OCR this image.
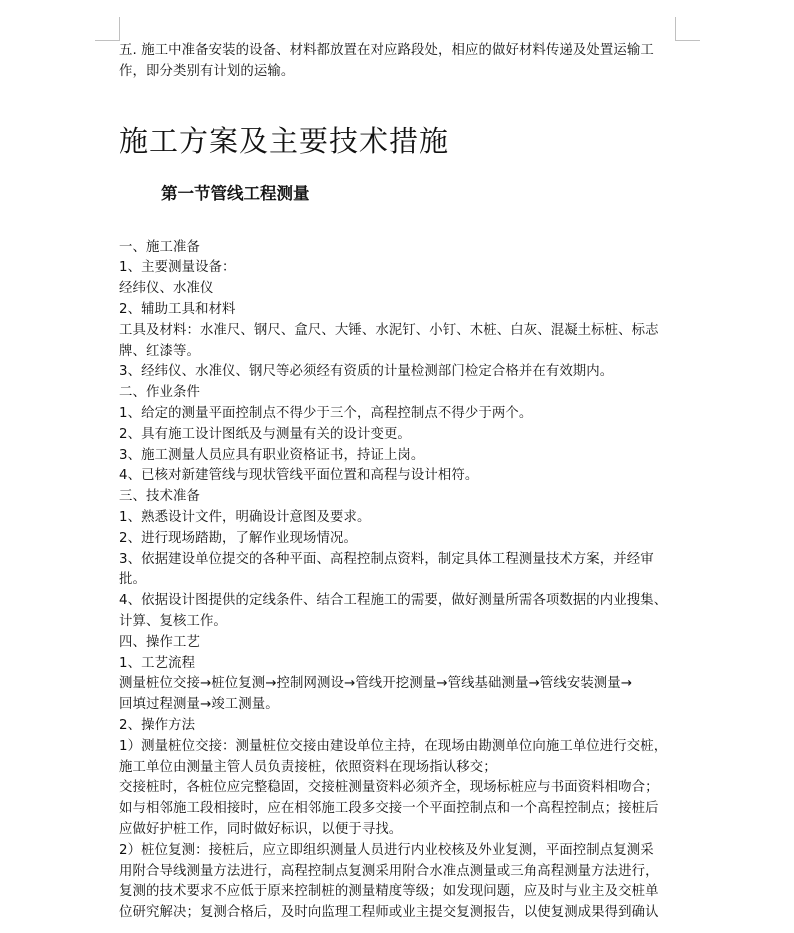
五. 施工中准备安装的设备、材料都放置在对应路段处，相应的做好材料传递及处置运输工
作，即分类别有计划的运输。
施工方案及主要技术措施
第一节管线工程测量
一、施工准备
1、主要测量设备：
经纬仪、水准仪
2、辅助工具和材料
工具及材料：水准尺、钢尺、盒尺、大锤、水泥钉、小钉、木桩、白灰、混凝土标桩、标志
牌、红漆等。
3、经纬仪、水准仪、钢尺等必须经有资质的计量检测部门检定合格并在有效期内。
二、作业条件
1、给定的测量平面控制点不得少于三个，高程控制点不得少于两个。
2、具有施工设计图纸及与测量有关的设计变更。
3、施工测量人员应具有职业资格证书，持证上岗。
4、已核对新建管线与现状管线平面位置和高程与设计相符。
三、技术准备
1、熟悉设计文件，明确设计意图及要求。
2、进行现场踏勘，了解作业现场情况。
3、依据建设单位提交的各种平面、高程控制点资料，制定具体工程测量技术方案，并经审
批。
4、依据设计图提供的定线条件、结合工程施工的需要，做好测量所需各项数据的内业搜集、
计算、复核工作。
四、操作工艺
1、工艺流程
测量桩位交接→桩位复测→控制网测设→管线开挖测量→管线基础测量→管线安装测量→
回填过程测量→竣工测量。
2、操作方法
1）测量桩位交接：测量桩位交接由建设单位主持，在现场由勘测单位向施工单位进行交桩，
施工单位由测量主管人员负责接桩，依照资料在现场指认移交；
交接桩时，各桩位应完整稳固，交接桩测量资料必须齐全，现场标桩应与书面资料相吻合；
如与相邻施工段相接时，应在相邻施工段多交接一个平面控制点和一个高程控制点；接桩后
应做好护桩工作，同时做好标识，以便于寻找。
2）桩位复测：接桩后，应立即组织测量人员进行内业校核及外业复测，平面控制点复测采
用附合导线测量方法进行，高程控制点复测采用附合水准点测量或三角高程测量方法进行，
复测的技术要求不应低于原来控制桩的测量精度等级；如发现问题，应及时与业主及交桩单
位研究解决；复测合格后，及时向监理工程师或业主提交复测报告，以使复测成果得到确认
